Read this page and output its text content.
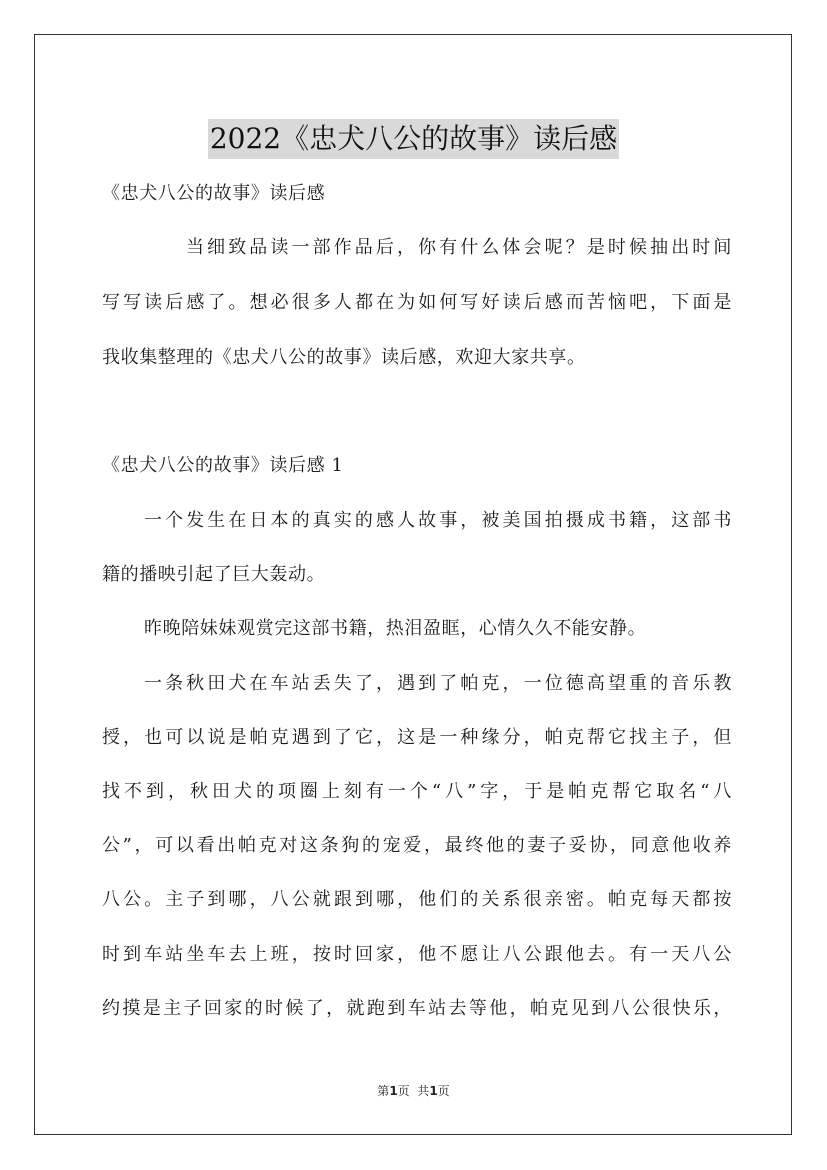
2022《忠犬八公的故事》读后感
《忠犬八公的故事》读后感
当细致品读一部作品后，你有什么体会呢？是时候抽出时间
写写读后感了。想必很多人都在为如何写好读后感而苦恼吧，下面是
我收集整理的《忠犬八公的故事》读后感，欢迎大家共享。
《忠犬八公的故事》读后感 1
一个发生在日本的真实的感人故事，被美国拍摄成书籍，这部书
籍的播映引起了巨大轰动。
昨晚陪妹妹观赏完这部书籍，热泪盈眶，心情久久不能安静。
一条秋田犬在车站丢失了，遇到了帕克，一位德高望重的音乐教
授，也可以说是帕克遇到了它，这是一种缘分，帕克帮它找主子，但
找不到，秋田犬的项圈上刻有一个“八”字，于是帕克帮它取名“八
公”，可以看出帕克对这条狗的宠爱，最终他的妻子妥协，同意他收养
八公。主子到哪，八公就跟到哪，他们的关系很亲密。帕克每天都按
时到车站坐车去上班，按时回家，他不愿让八公跟他去。有一天八公
约摸是主子回家的时候了，就跑到车站去等他，帕克见到八公很快乐，
第1页  共1页
